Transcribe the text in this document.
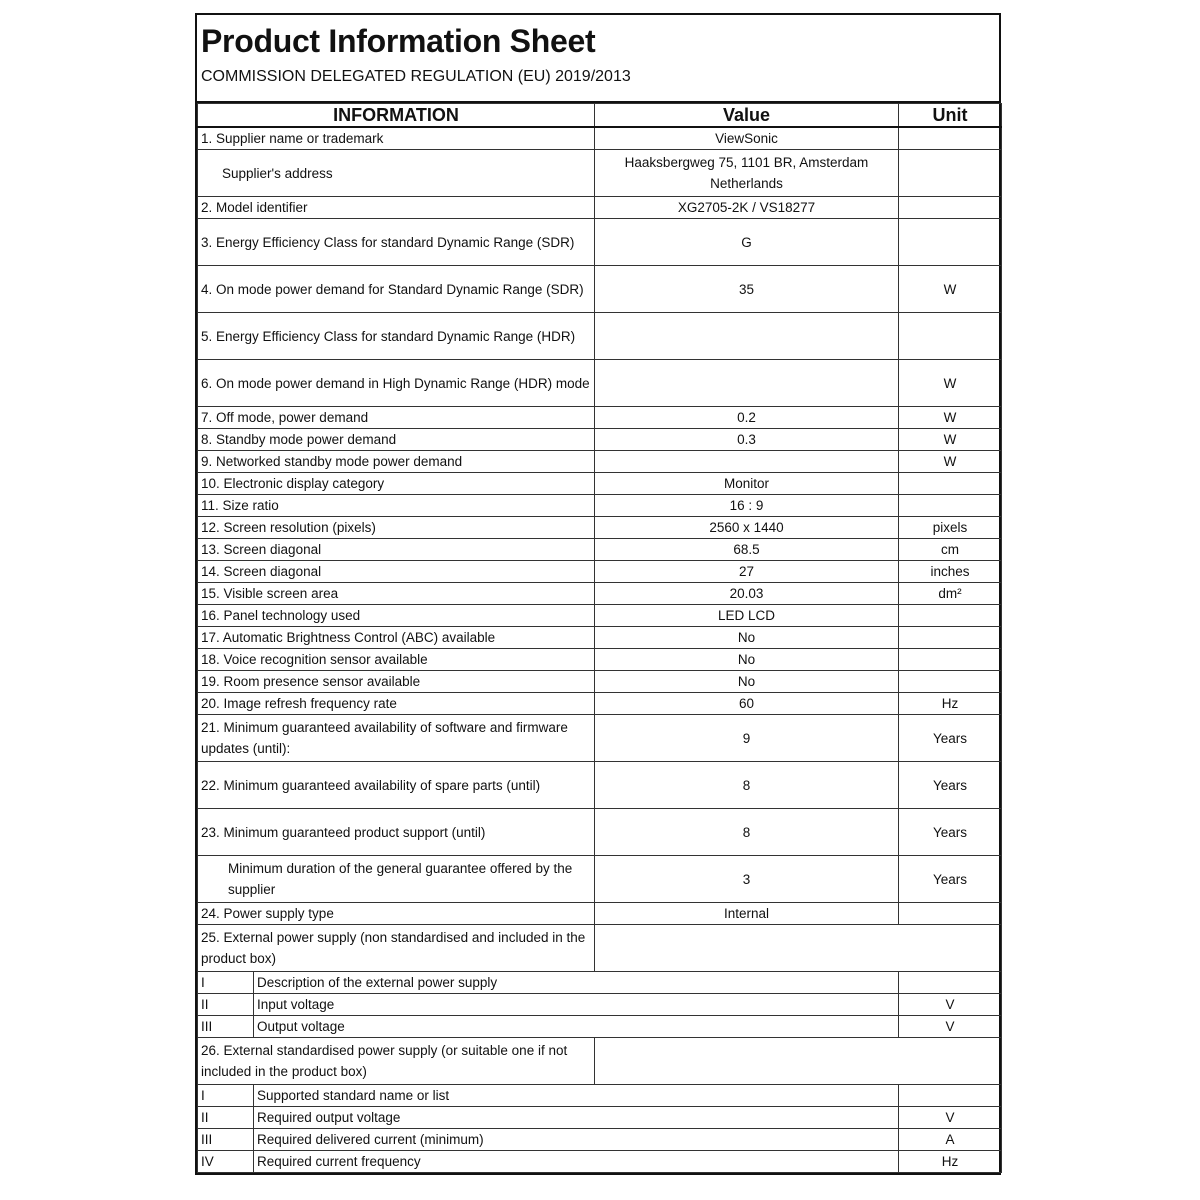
Product Information Sheet
COMMISSION DELEGATED REGULATION (EU) 2019/2013
INFORMATION		Value	Unit
1. Supplier name or trademark		ViewSonic	
Supplier's address		Haaksbergweg 75, 1101 BR, Amsterdam Netherlands	
2. Model identifier		XG2705-2K / VS18277	
3. Energy Efficiency Class for standard Dynamic Range (SDR)		G	
4. On mode power demand for Standard Dynamic Range (SDR)		35	W
5. Energy Efficiency Class for standard Dynamic Range (HDR)			
6. On mode power demand in High Dynamic Range (HDR) mode			W
7. Off mode, power demand		0.2	W
8. Standby mode power demand		0.3	W
9. Networked standby mode power demand			W
10. Electronic display category		Monitor	
11. Size ratio		16 : 9	
12. Screen resolution (pixels)		2560 x 1440	pixels
13. Screen diagonal		68.5	cm
14. Screen diagonal		27	inches
15. Visible screen area		20.03	dm²
16. Panel technology used		LED LCD	
17. Automatic Brightness Control (ABC) available		No	
18. Voice recognition sensor available		No	
19. Room presence sensor available		No	
20. Image refresh frequency rate		60	Hz
21. Minimum guaranteed availability of software and firmware updates (until):		9	Years
22. Minimum guaranteed availability of spare parts (until)		8	Years
23. Minimum guaranteed product support (until)		8	Years
Minimum duration of the general guarantee offered by the supplier		3	Years
24. Power supply type		Internal	
25. External power supply (non standardised and included in the product box)			
I	Description of the external power supply		
II	Input voltage		V
III	Output voltage		V
26. External standardised power supply (or suitable one if not included in the product box)			
I	Supported standard name or list		
II	Required output voltage		V
III	Required delivered current (minimum)		A
IV	Required current frequency		Hz
